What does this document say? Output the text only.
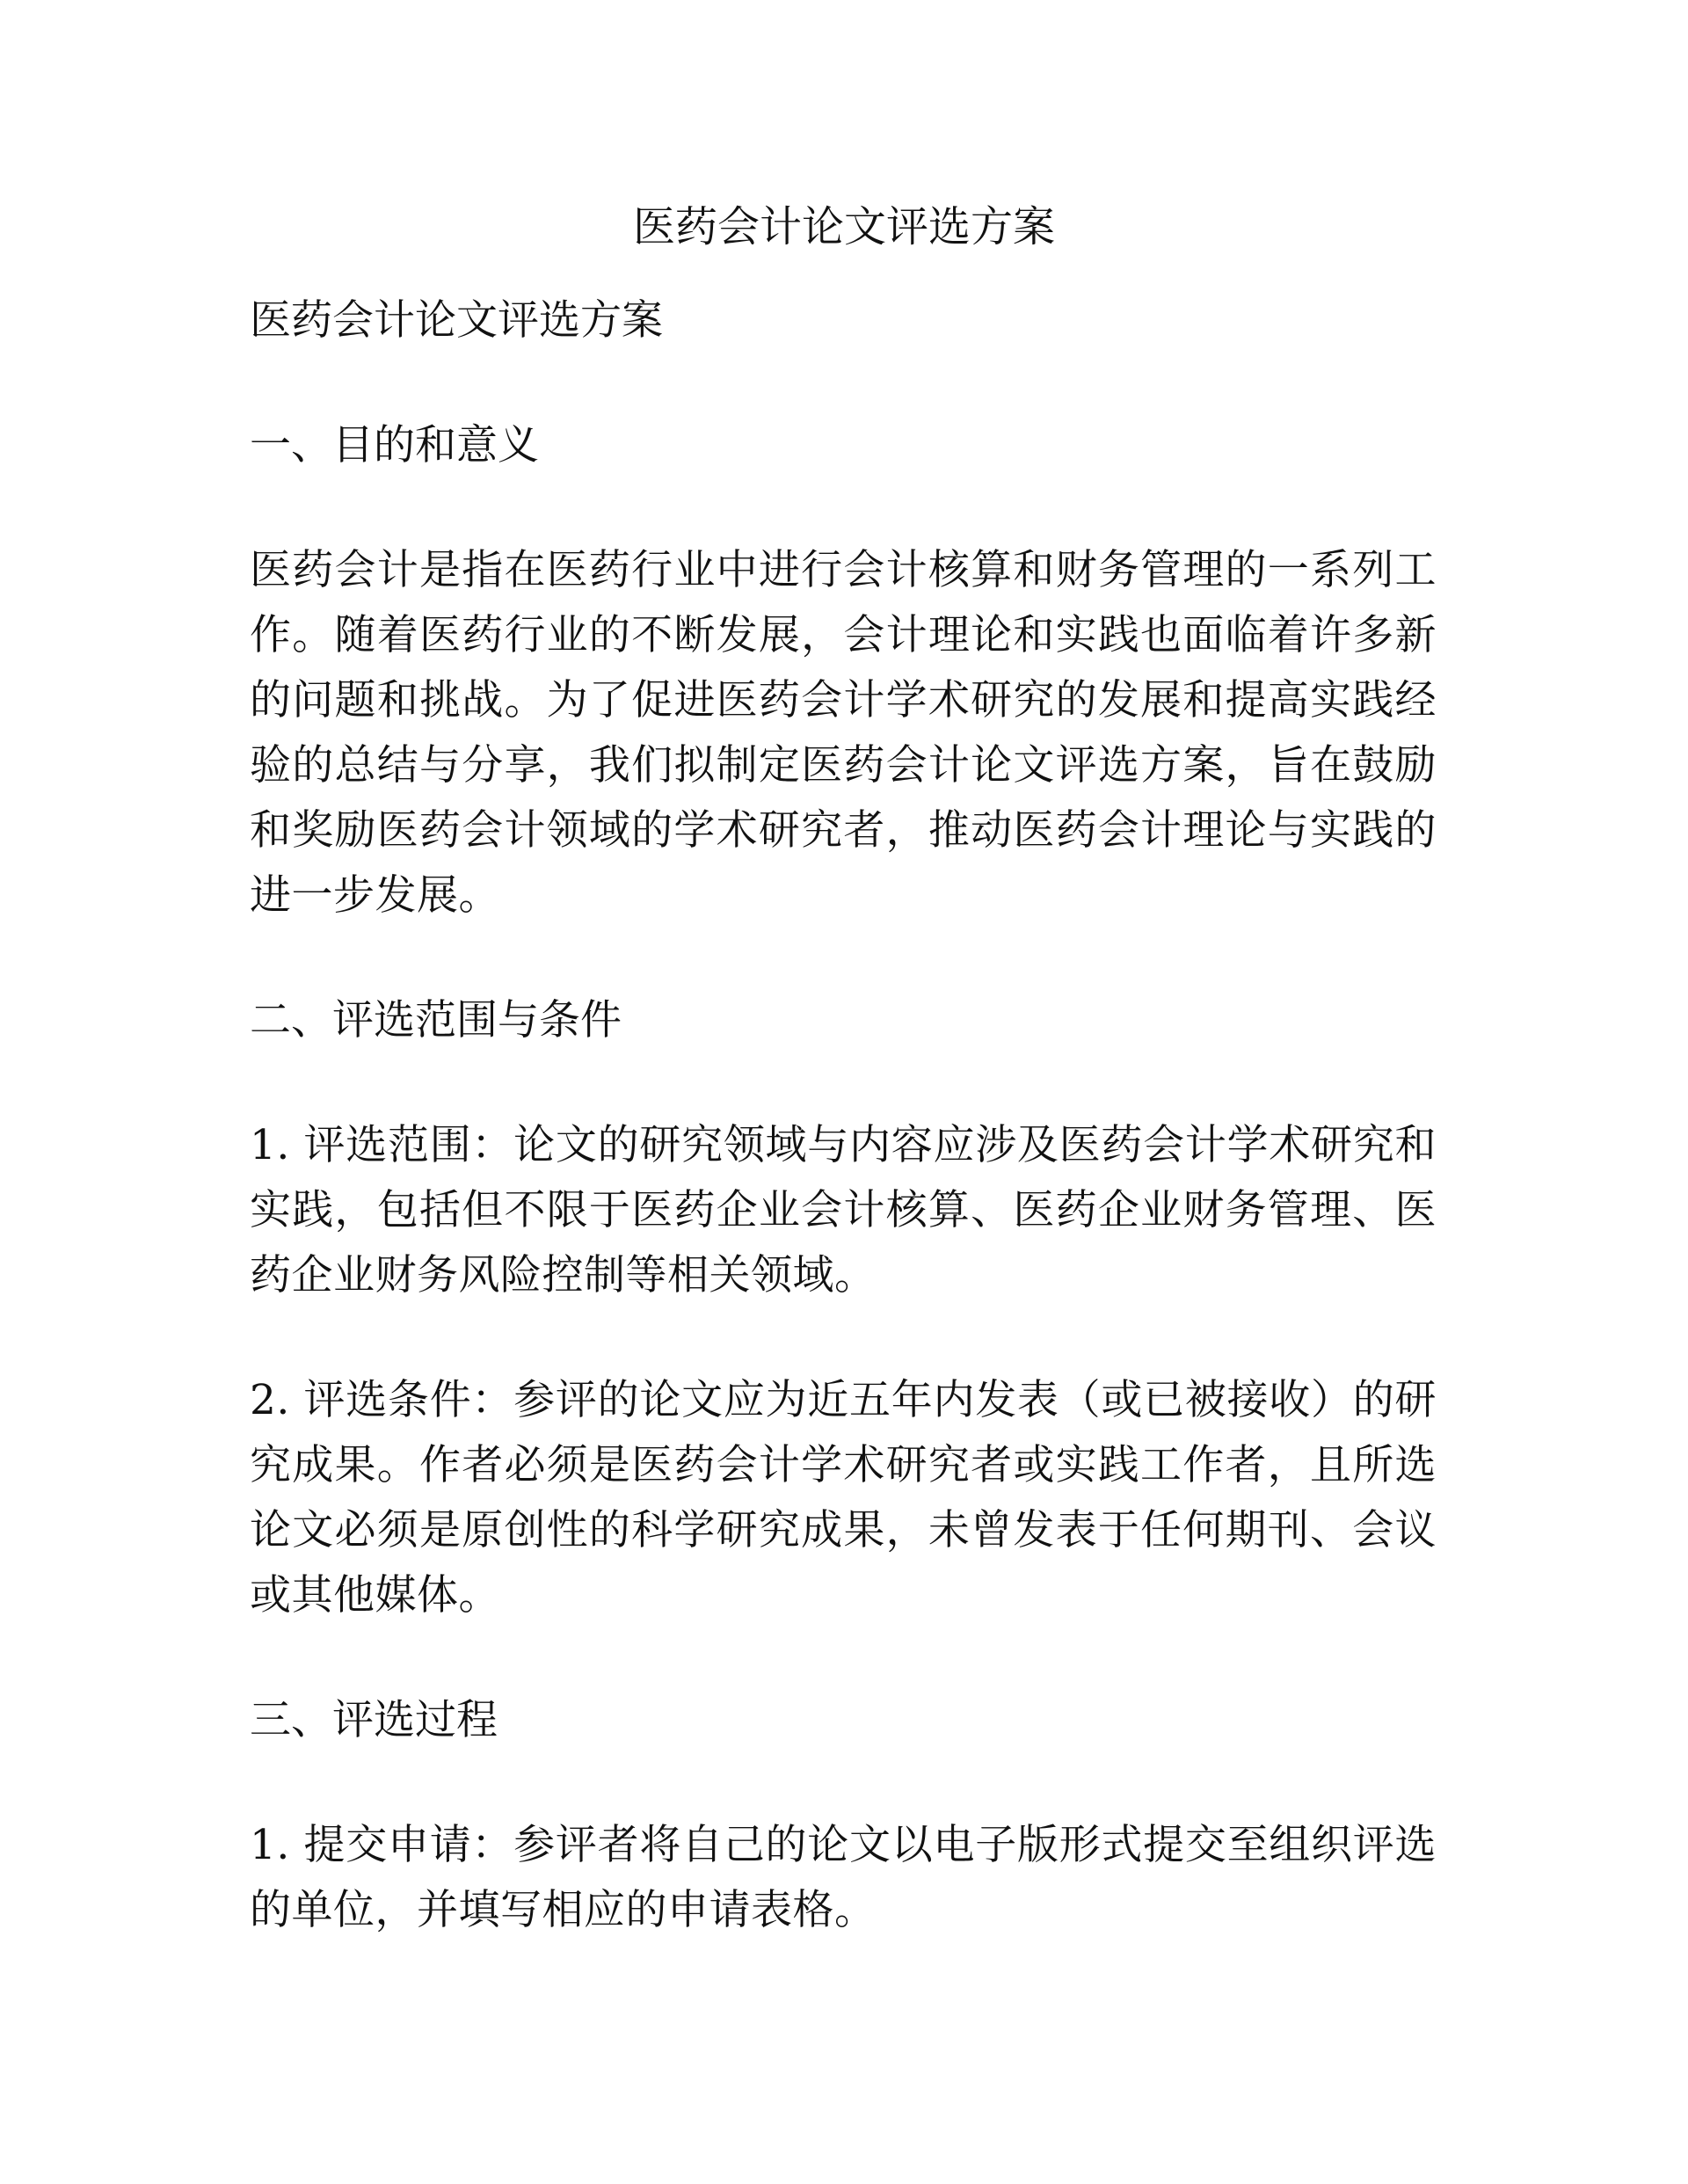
医药会计论文评选方案

医药会计论文评选方案

一、目的和意义

医药会计是指在医药行业中进行会计核算和财务管理的一系列工作。随着医药行业的不断发展，会计理论和实践也面临着许多新的问题和挑战。为了促进医药会计学术研究的发展和提高实践经验的总结与分享，我们拟制定医药会计论文评选方案，旨在鼓励和奖励医药会计领域的学术研究者，推动医药会计理论与实践的进一步发展。

二、评选范围与条件

1. 评选范围：论文的研究领域与内容应涉及医药会计学术研究和实践，包括但不限于医药企业会计核算、医药企业财务管理、医药企业财务风险控制等相关领域。

2. 评选条件：参评的论文应为近五年内发表（或已被接收）的研究成果。作者必须是医药会计学术研究者或实践工作者，且所选论文必须是原创性的科学研究成果，未曾发表于任何期刊、会议或其他媒体。

三、评选过程

1. 提交申请：参评者将自己的论文以电子版形式提交至组织评选的单位，并填写相应的申请表格。
